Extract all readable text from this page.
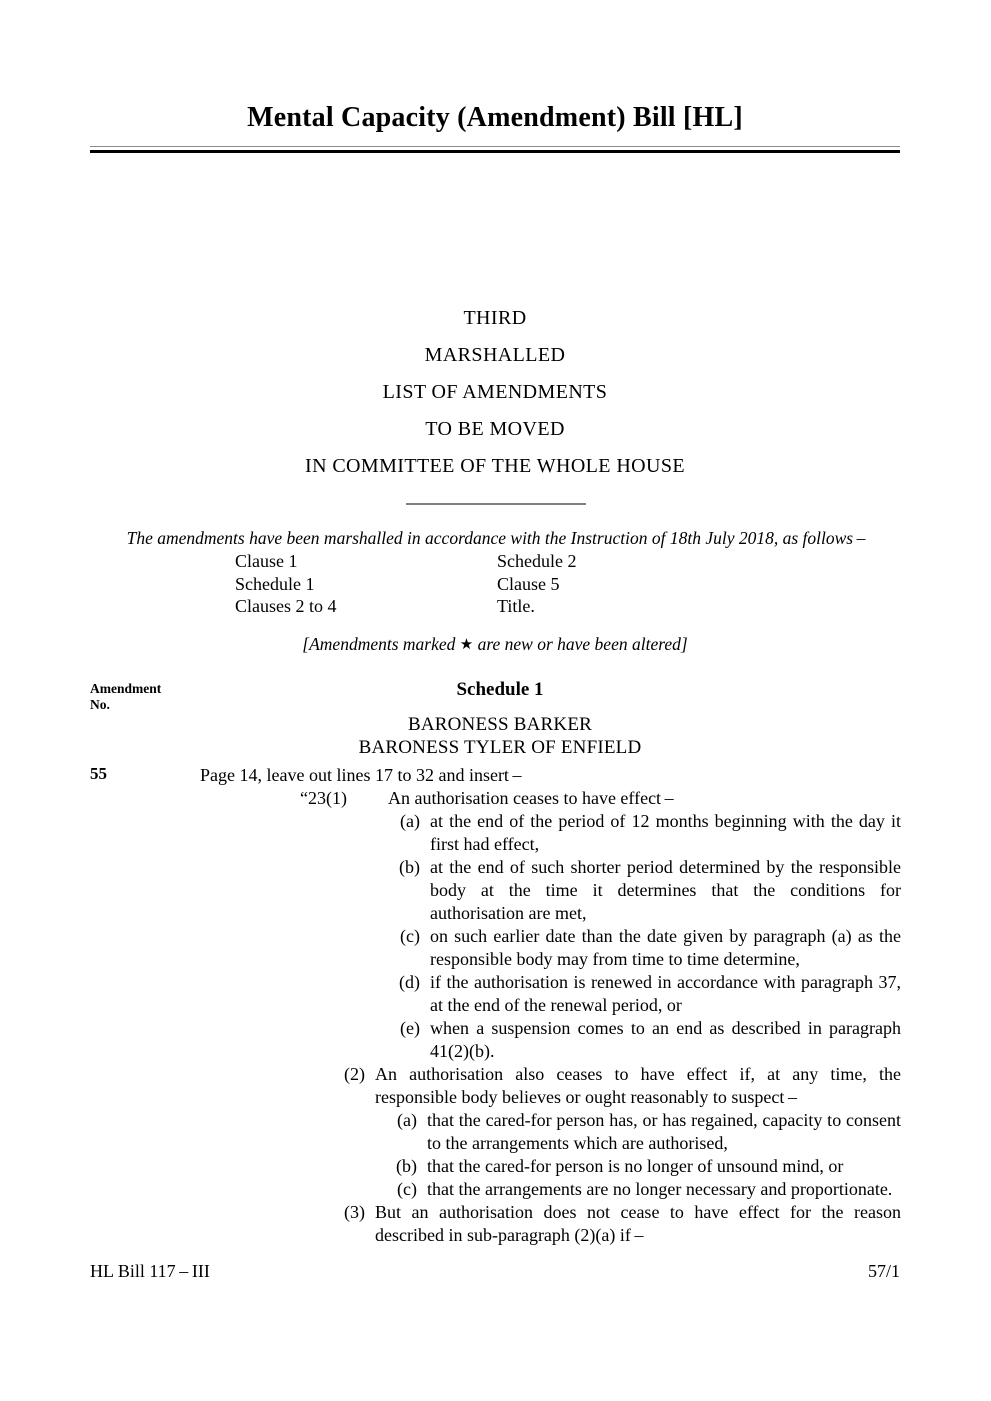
Mental Capacity (Amendment) Bill [HL]
THIRD
MARSHALLED
LIST OF AMENDMENTS
TO BE MOVED
IN COMMITTEE OF THE WHOLE HOUSE
The amendments have been marshalled in accordance with the Instruction of 18th July 2018, as follows –
Clause 1	Schedule 2
Schedule 1	Clause 5
Clauses 2 to 4	Title.
[Amendments marked ★ are new or have been altered]
Amendment
No.
Schedule 1
BARONESS BARKER
BARONESS TYLER OF ENFIELD
55	Page 14, leave out lines 17 to 32 and insert –
“23(1)	An authorisation ceases to have effect –
(a) at the end of the period of 12 months beginning with the day it first had effect,
(b) at the end of such shorter period determined by the responsible body at the time it determines that the conditions for authorisation are met,
(c) on such earlier date than the date given by paragraph (a) as the responsible body may from time to time determine,
(d) if the authorisation is renewed in accordance with paragraph 37, at the end of the renewal period, or
(e) when a suspension comes to an end as described in paragraph 41(2)(b).
(2) An authorisation also ceases to have effect if, at any time, the responsible body believes or ought reasonably to suspect –
(a) that the cared-for person has, or has regained, capacity to consent to the arrangements which are authorised,
(b) that the cared-for person is no longer of unsound mind, or
(c) that the arrangements are no longer necessary and proportionate.
(3) But an authorisation does not cease to have effect for the reason described in sub-paragraph (2)(a) if –
HL Bill 117 – III	57/1
